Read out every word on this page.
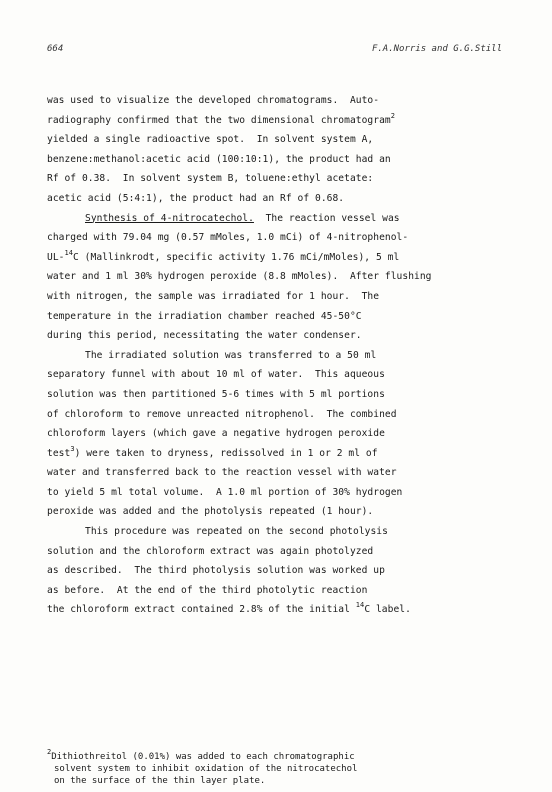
664	F.A.Norris and G.G.Still
was used to visualize the developed chromatograms.  Auto-
radiography confirmed that the two dimensional chromatogram$^2$
yielded a single radioactive spot.  In solvent system A,
benzene:methanol:acetic acid (100:10:1), the product had an
Rf of 0.38.  In solvent system B, toluene:ethyl acetate:
acetic acid (5:4:1), the product had an Rf of 0.68.
Synthesis of 4-nitrocatechol.  The reaction vessel was
charged with 79.04 mg (0.57 mMoles, 1.0 mCi) of 4-nitrophenol-
UL-$^{14}$C (Mallinkrodt, specific activity 1.76 mCi/mMoles), 5 ml
water and 1 ml 30% hydrogen peroxide (8.8 mMoles).  After flushing
with nitrogen, the sample was irradiated for 1 hour.  The
temperature in the irradiation chamber reached 45-50°C
during this period, necessitating the water condenser.
The irradiated solution was transferred to a 50 ml
separatory funnel with about 10 ml of water.  This aqueous
solution was then partitioned 5-6 times with 5 ml portions
of chloroform to remove unreacted nitrophenol.  The combined
chloroform layers (which gave a negative hydrogen peroxide
test$^3$) were taken to dryness, redissolved in 1 or 2 ml of
water and transferred back to the reaction vessel with water
to yield 5 ml total volume.  A 1.0 ml portion of 30% hydrogen
peroxide was added and the photolysis repeated (1 hour).
This procedure was repeated on the second photolysis
solution and the chloroform extract was again photolyzed
as described.  The third photolysis solution was worked up
as before.  At the end of the third photolytic reaction
the chloroform extract contained 2.8% of the initial $^{14}$C label.
$^2$Dithiothreitol (0.01%) was added to each chromatographic
solvent system to inhibit oxidation of the nitrocatechol
on the surface of the thin layer plate.
